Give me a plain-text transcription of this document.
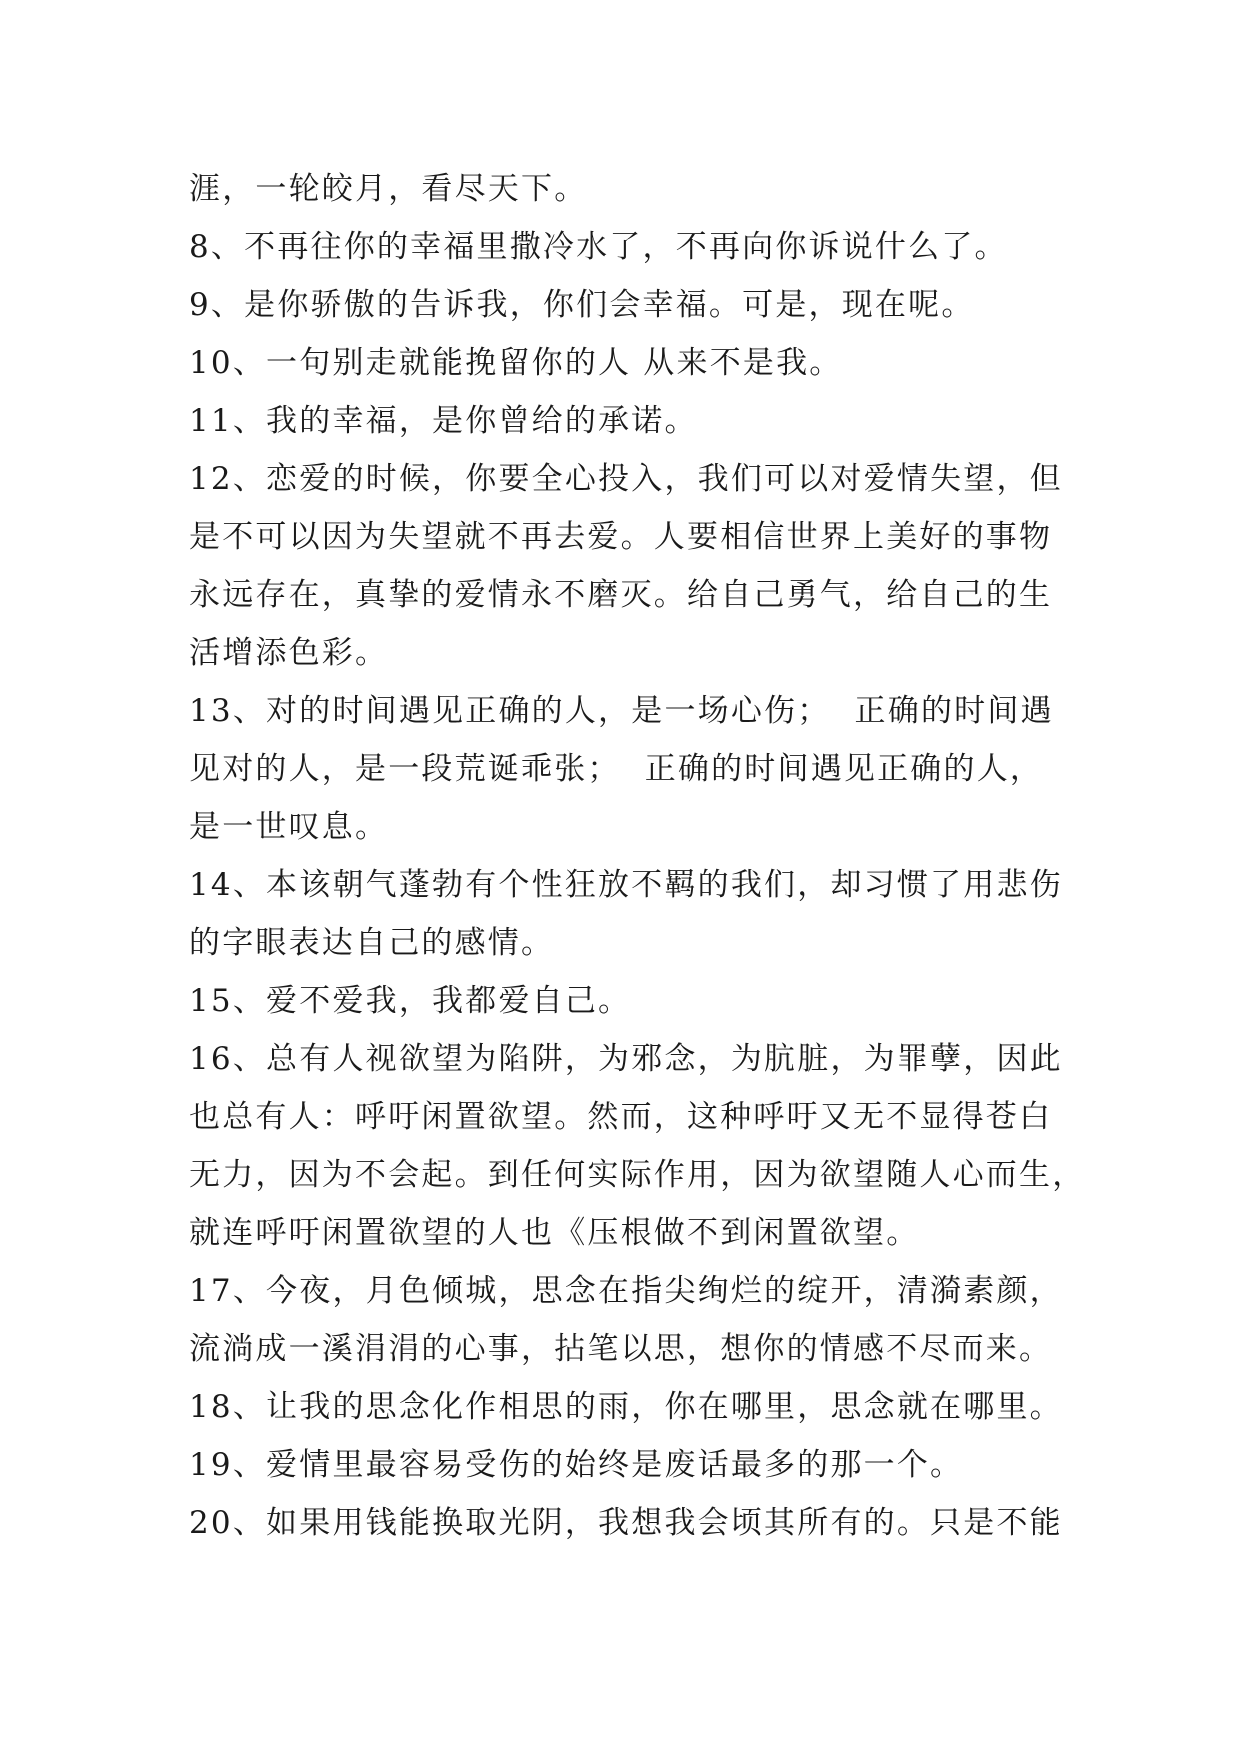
涯，一轮皎月，看尽天下。
8、不再往你的幸福里撒冷水了，不再向你诉说什么了。
9、是你骄傲的告诉我，你们会幸福。可是，现在呢。
10、一句别走就能挽留你的人 从来不是我。
11、我的幸福，是你曾给的承诺。
12、恋爱的时候，你要全心投入，我们可以对爱情失望，但
是不可以因为失望就不再去爱。人要相信世界上美好的事物
永远存在，真挚的爱情永不磨灭。给自己勇气，给自己的生
活增添色彩。
13、对的时间遇见正确的人，是一场心伤；  正确的时间遇
见对的人，是一段荒诞乖张；  正确的时间遇见正确的人，
是一世叹息。
14、本该朝气蓬勃有个性狂放不羁的我们，却习惯了用悲伤
的字眼表达自己的感情。
15、爱不爱我，我都爱自己。
16、总有人视欲望为陷阱，为邪念，为肮脏，为罪孽，因此
也总有人：呼吁闲置欲望。然而，这种呼吁又无不显得苍白
无力，因为不会起。到任何实际作用，因为欲望随人心而生，
就连呼吁闲置欲望的人也《压根做不到闲置欲望。
17、今夜，月色倾城，思念在指尖绚烂的绽开，清漪素颜，
流淌成一溪涓涓的心事，拈笔以思，想你的情感不尽而来。
18、让我的思念化作相思的雨，你在哪里，思念就在哪里。
19、爱情里最容易受伤的始终是废话最多的那一个。
20、如果用钱能换取光阴，我想我会顷其所有的。只是不能
